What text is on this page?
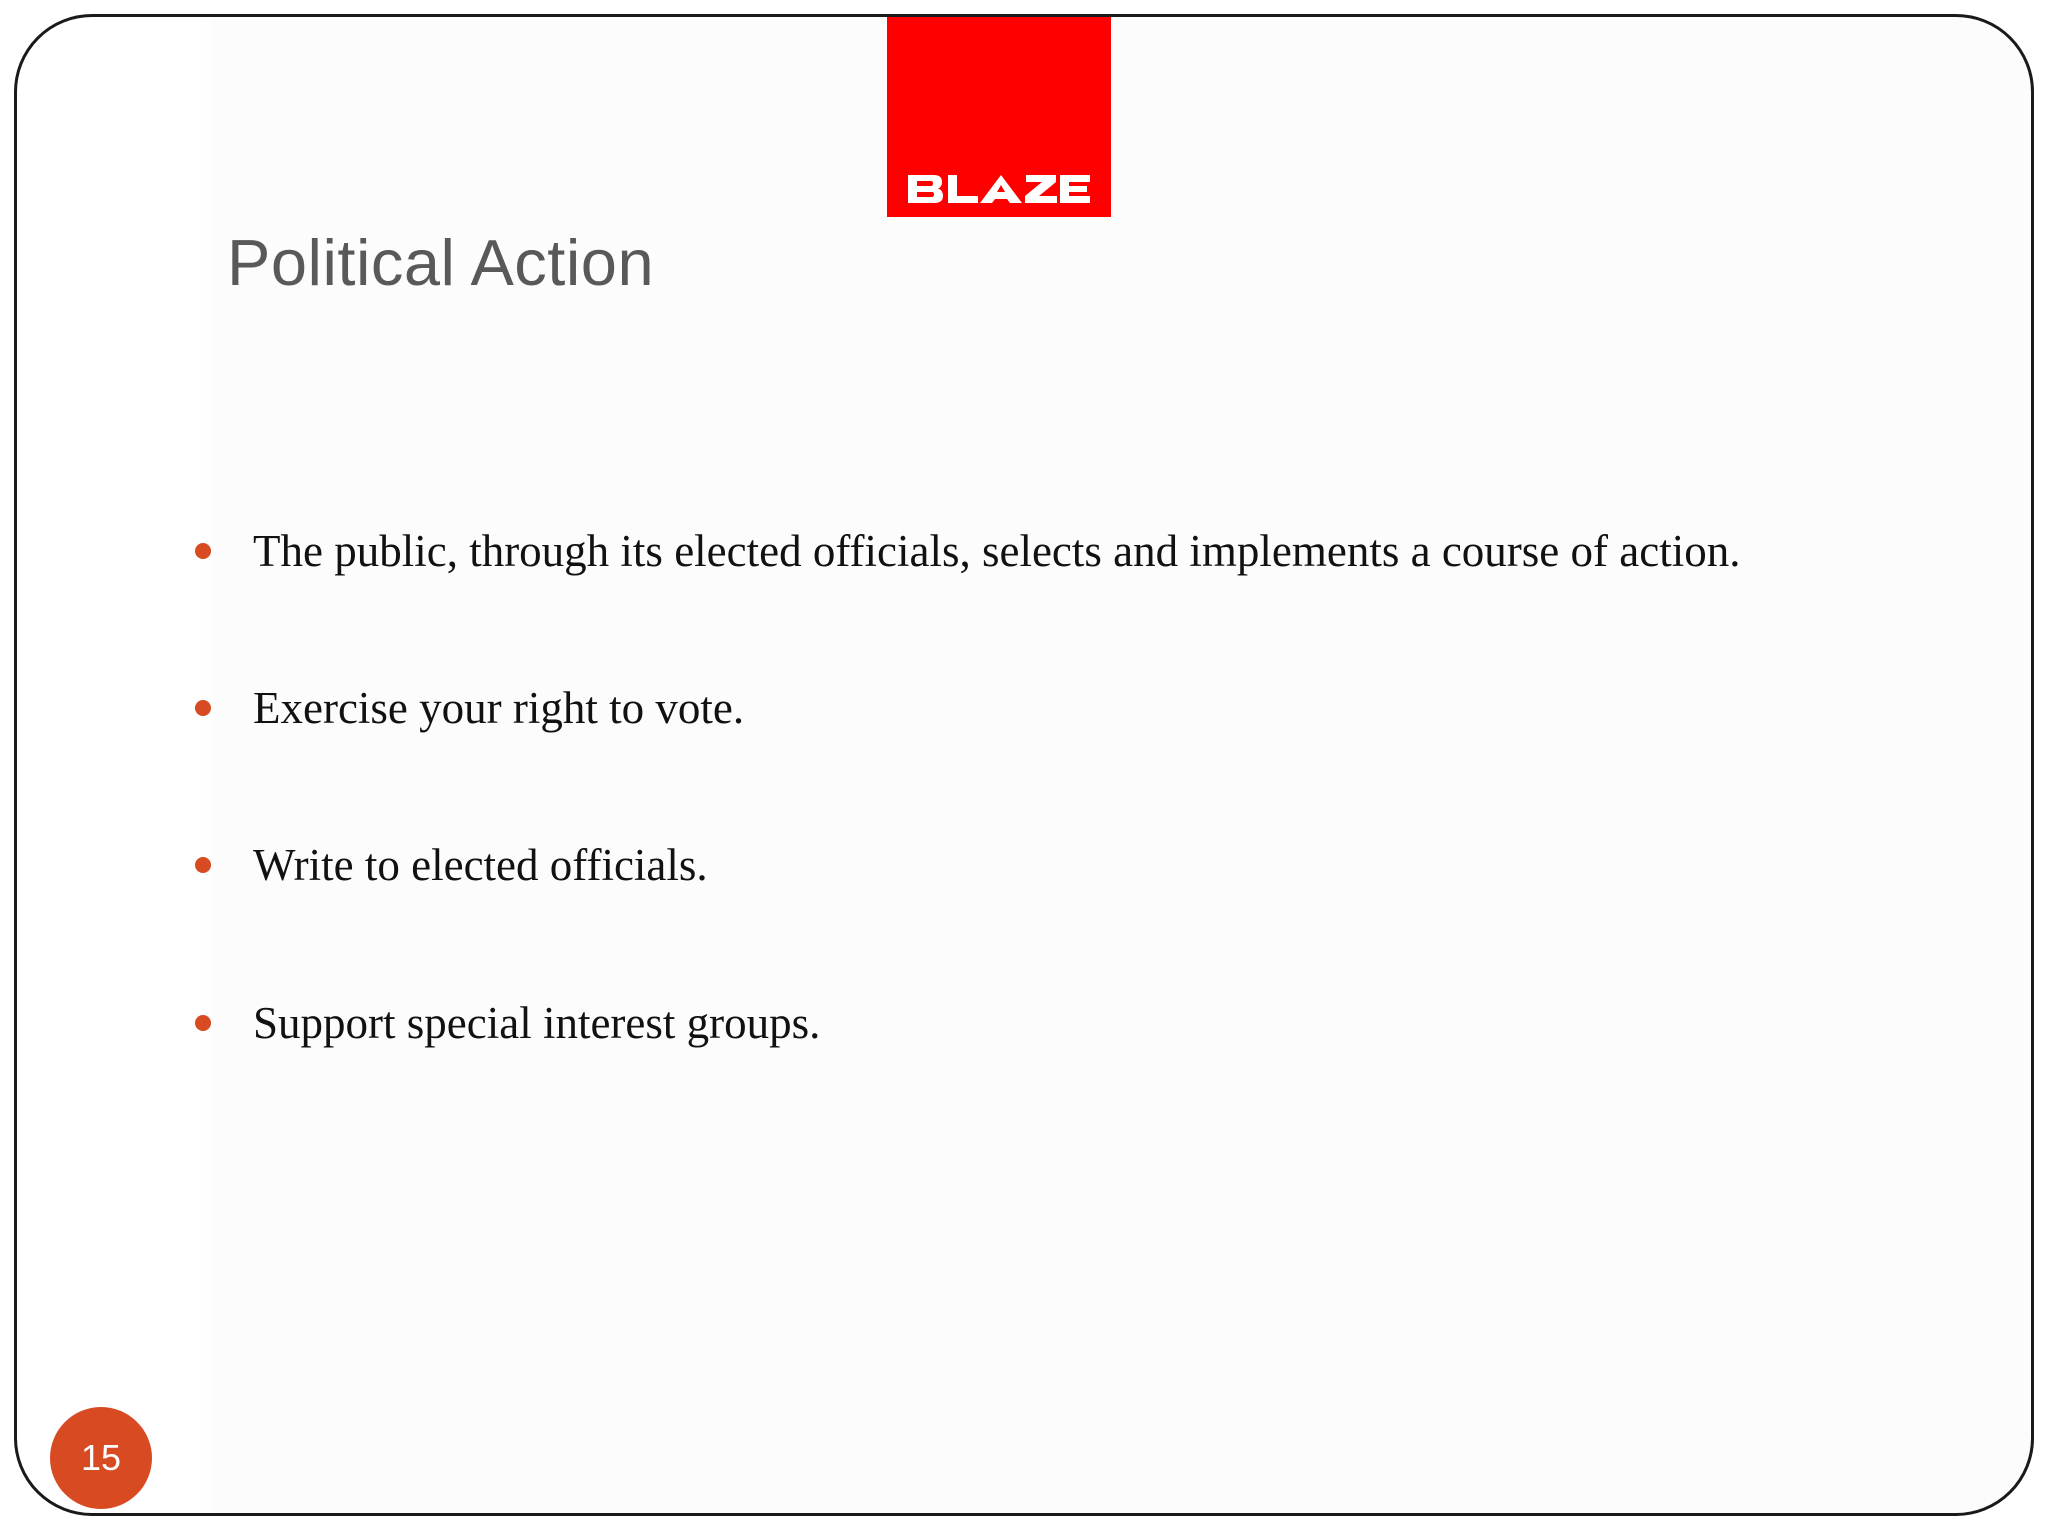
Political Action
The public, through its elected officials, selects and implements a course of action.
Exercise your right to vote.
Write to elected officials.
Support special interest groups.
15
